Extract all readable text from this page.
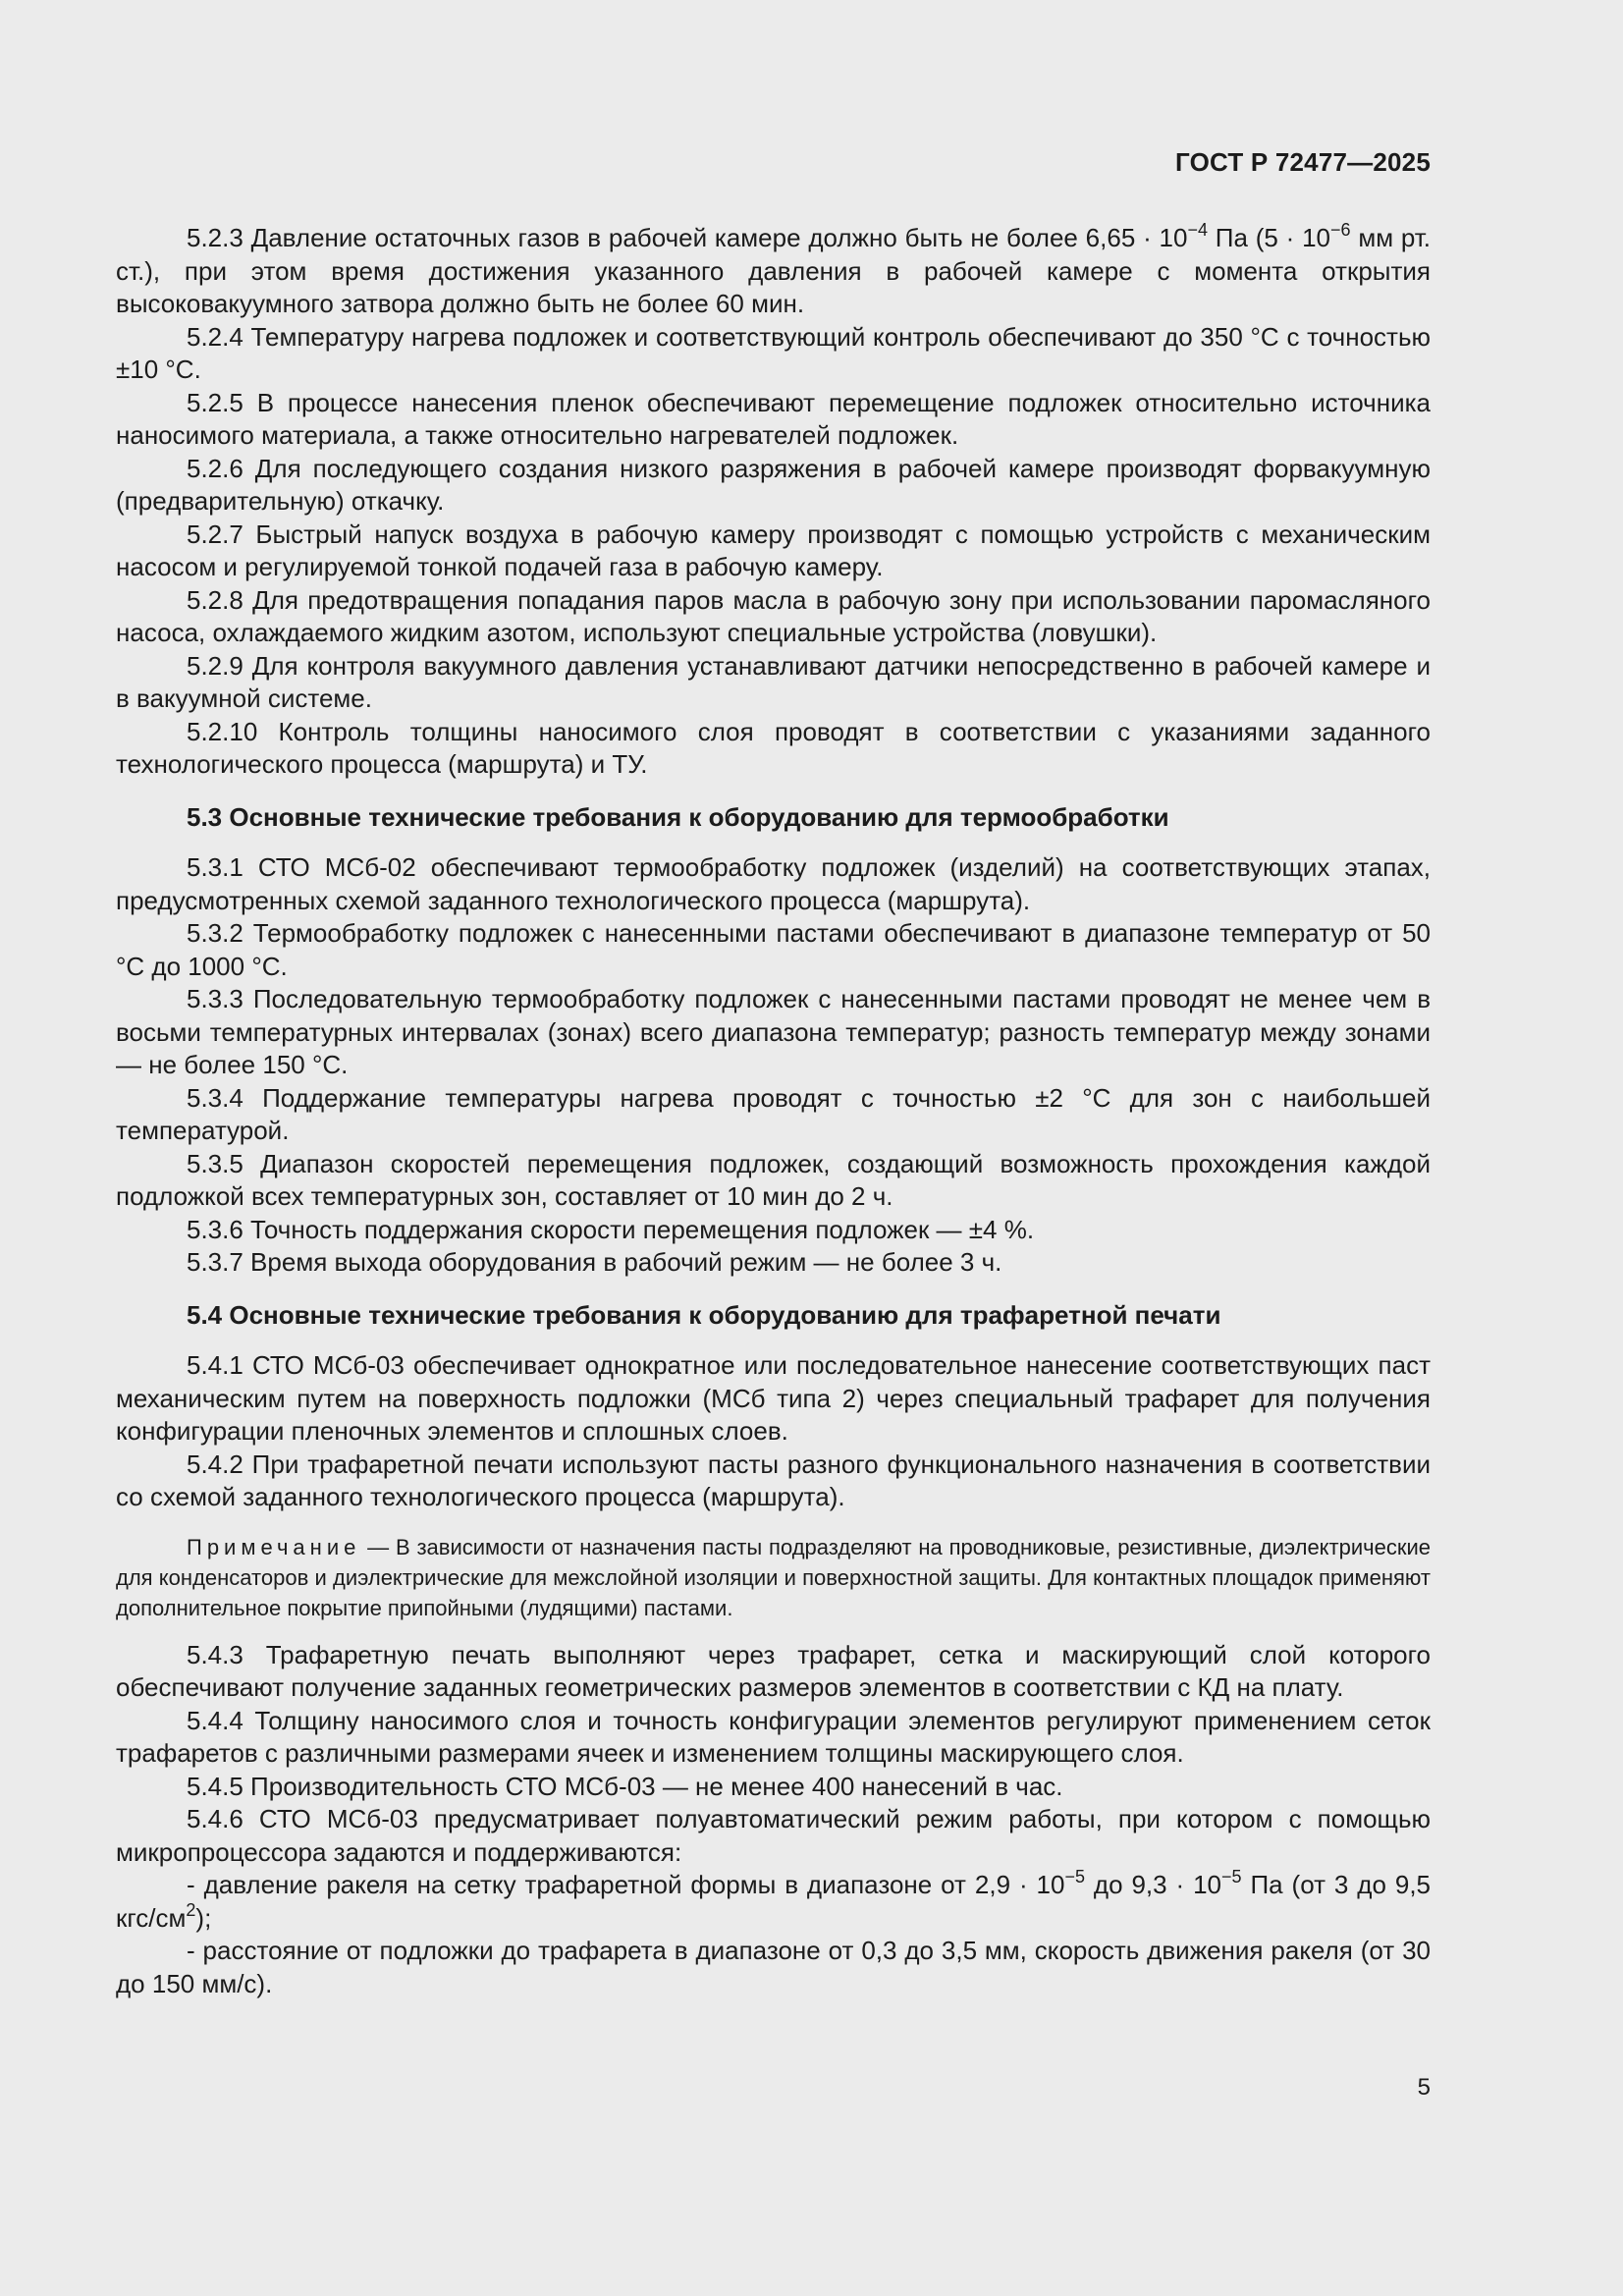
ГОСТ Р 72477—2025

5.2.3 Давление остаточных газов в рабочей камере должно быть не более $6,65 \cdot 10^{-4}$ Па ($5 \cdot 10^{-6}$ мм рт. ст.), при этом время достижения указанного давления в рабочей камере с момента открытия высоковакуумного затвора должно быть не более 60 мин.

5.2.4 Температуру нагрева подложек и соответствующий контроль обеспечивают до 350 °С с точностью ±10 °С.

5.2.5 В процессе нанесения пленок обеспечивают перемещение подложек относительно источника наносимого материала, а также относительно нагревателей подложек.

5.2.6 Для последующего создания низкого разряжения в рабочей камере производят форвакуумную (предварительную) откачку.

5.2.7 Быстрый напуск воздуха в рабочую камеру производят с помощью устройств с механическим насосом и регулируемой тонкой подачей газа в рабочую камеру.

5.2.8 Для предотвращения попадания паров масла в рабочую зону при использовании паромасляного насоса, охлаждаемого жидким азотом, используют специальные устройства (ловушки).

5.2.9 Для контроля вакуумного давления устанавливают датчики непосредственно в рабочей камере и в вакуумной системе.

5.2.10 Контроль толщины наносимого слоя проводят в соответствии с указаниями заданного технологического процесса (маршрута) и ТУ.

5.3 Основные технические требования к оборудованию для термообработки

5.3.1 СТО МСб-02 обеспечивают термообработку подложек (изделий) на соответствующих этапах, предусмотренных схемой заданного технологического процесса (маршрута).

5.3.2 Термообработку подложек с нанесенными пастами обеспечивают в диапазоне температур от 50 °С до 1000 °С.

5.3.3 Последовательную термообработку подложек с нанесенными пастами проводят не менее чем в восьми температурных интервалах (зонах) всего диапазона температур; разность температур между зонами — не более 150 °С.

5.3.4 Поддержание температуры нагрева проводят с точностью ±2 °С для зон с наибольшей температурой.

5.3.5 Диапазон скоростей перемещения подложек, создающий возможность прохождения каждой подложкой всех температурных зон, составляет от 10 мин до 2 ч.

5.3.6 Точность поддержания скорости перемещения подложек — ±4 %.

5.3.7 Время выхода оборудования в рабочий режим — не более 3 ч.

5.4 Основные технические требования к оборудованию для трафаретной печати

5.4.1 СТО МСб-03 обеспечивает однократное или последовательное нанесение соответствующих паст механическим путем на поверхность подложки (МСб типа 2) через специальный трафарет для получения конфигурации пленочных элементов и сплошных слоев.

5.4.2 При трафаретной печати используют пасты разного функционального назначения в соответствии со схемой заданного технологического процесса (маршрута).

Примечание — В зависимости от назначения пасты подразделяют на проводниковые, резистивные, диэлектрические для конденсаторов и диэлектрические для межслойной изоляции и поверхностной защиты. Для контактных площадок применяют дополнительное покрытие припойными (лудящими) пастами.

5.4.3 Трафаретную печать выполняют через трафарет, сетка и маскирующий слой которого обеспечивают получение заданных геометрических размеров элементов в соответствии с КД на плату.

5.4.4 Толщину наносимого слоя и точность конфигурации элементов регулируют применением сеток трафаретов с различными размерами ячеек и изменением толщины маскирующего слоя.

5.4.5 Производительность СТО МСб-03 — не менее 400 нанесений в час.

5.4.6 СТО МСб-03 предусматривает полуавтоматический режим работы, при котором с помощью микропроцессора задаются и поддерживаются:

- давление ракеля на сетку трафаретной формы в диапазоне от $2,9 \cdot 10^{-5}$ до $9,3 \cdot 10^{-5}$ Па (от 3 до 9,5 кгс/$см^2$);

- расстояние от подложки до трафарета в диапазоне от 0,3 до 3,5 мм, скорость движения ракеля (от 30 до 150 мм/с).

5
